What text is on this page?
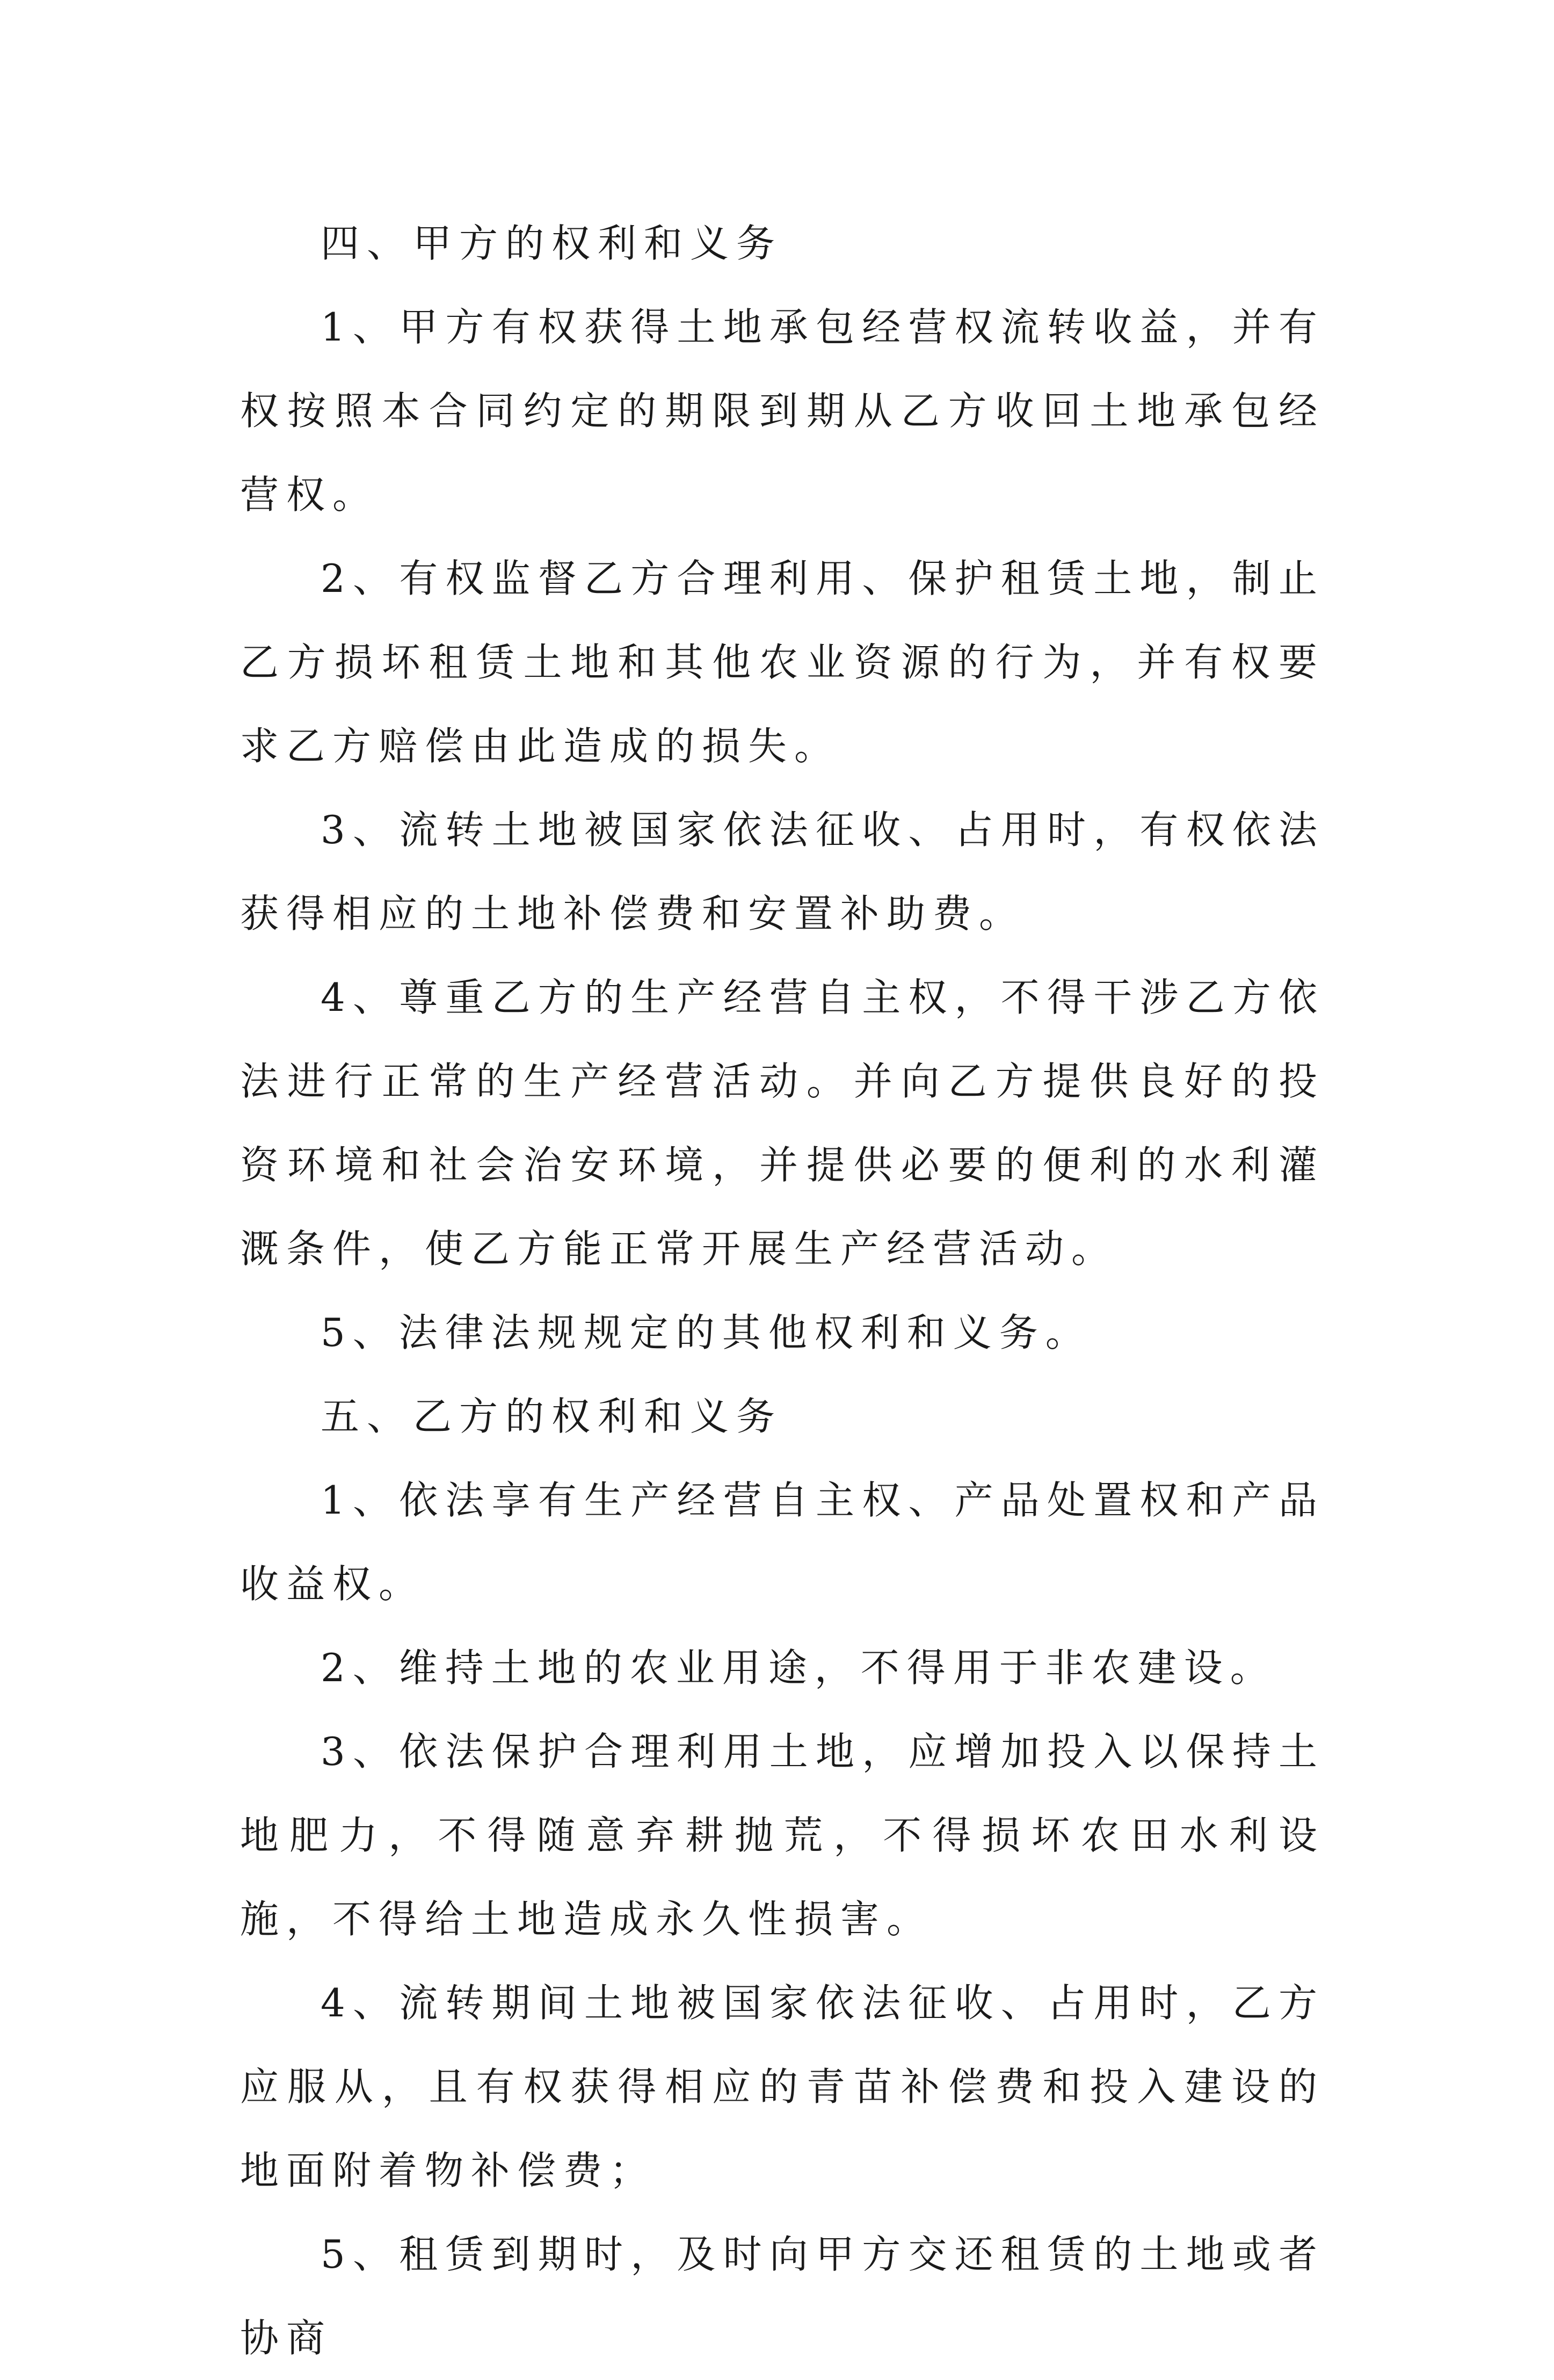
四、甲方的权利和义务

1、甲方有权获得土地承包经营权流转收益，并有权按照本合同约定的期限到期从乙方收回土地承包经营权。

2、有权监督乙方合理利用、保护租赁土地，制止乙方损坏租赁土地和其他农业资源的行为，并有权要求乙方赔偿由此造成的损失。

3、流转土地被国家依法征收、占用时，有权依法获得相应的土地补偿费和安置补助费。

4、尊重乙方的生产经营自主权，不得干涉乙方依法进行正常的生产经营活动。并向乙方提供良好的投资环境和社会治安环境，并提供必要的便利的水利灌溉条件，使乙方能正常开展生产经营活动。

5、法律法规规定的其他权利和义务。

五、乙方的权利和义务

1、依法享有生产经营自主权、产品处置权和产品收益权。

2、维持土地的农业用途，不得用于非农建设。

3、依法保护合理利用土地，应增加投入以保持土地肥力，不得随意弃耕抛荒，不得损坏农田水利设施，不得给土地造成永久性损害。

4、流转期间土地被国家依法征收、占用时，乙方应服从，且有权获得相应的青苗补偿费和投入建设的地面附着物补偿费；

5、租赁到期时，及时向甲方交还租赁的土地或者协商
